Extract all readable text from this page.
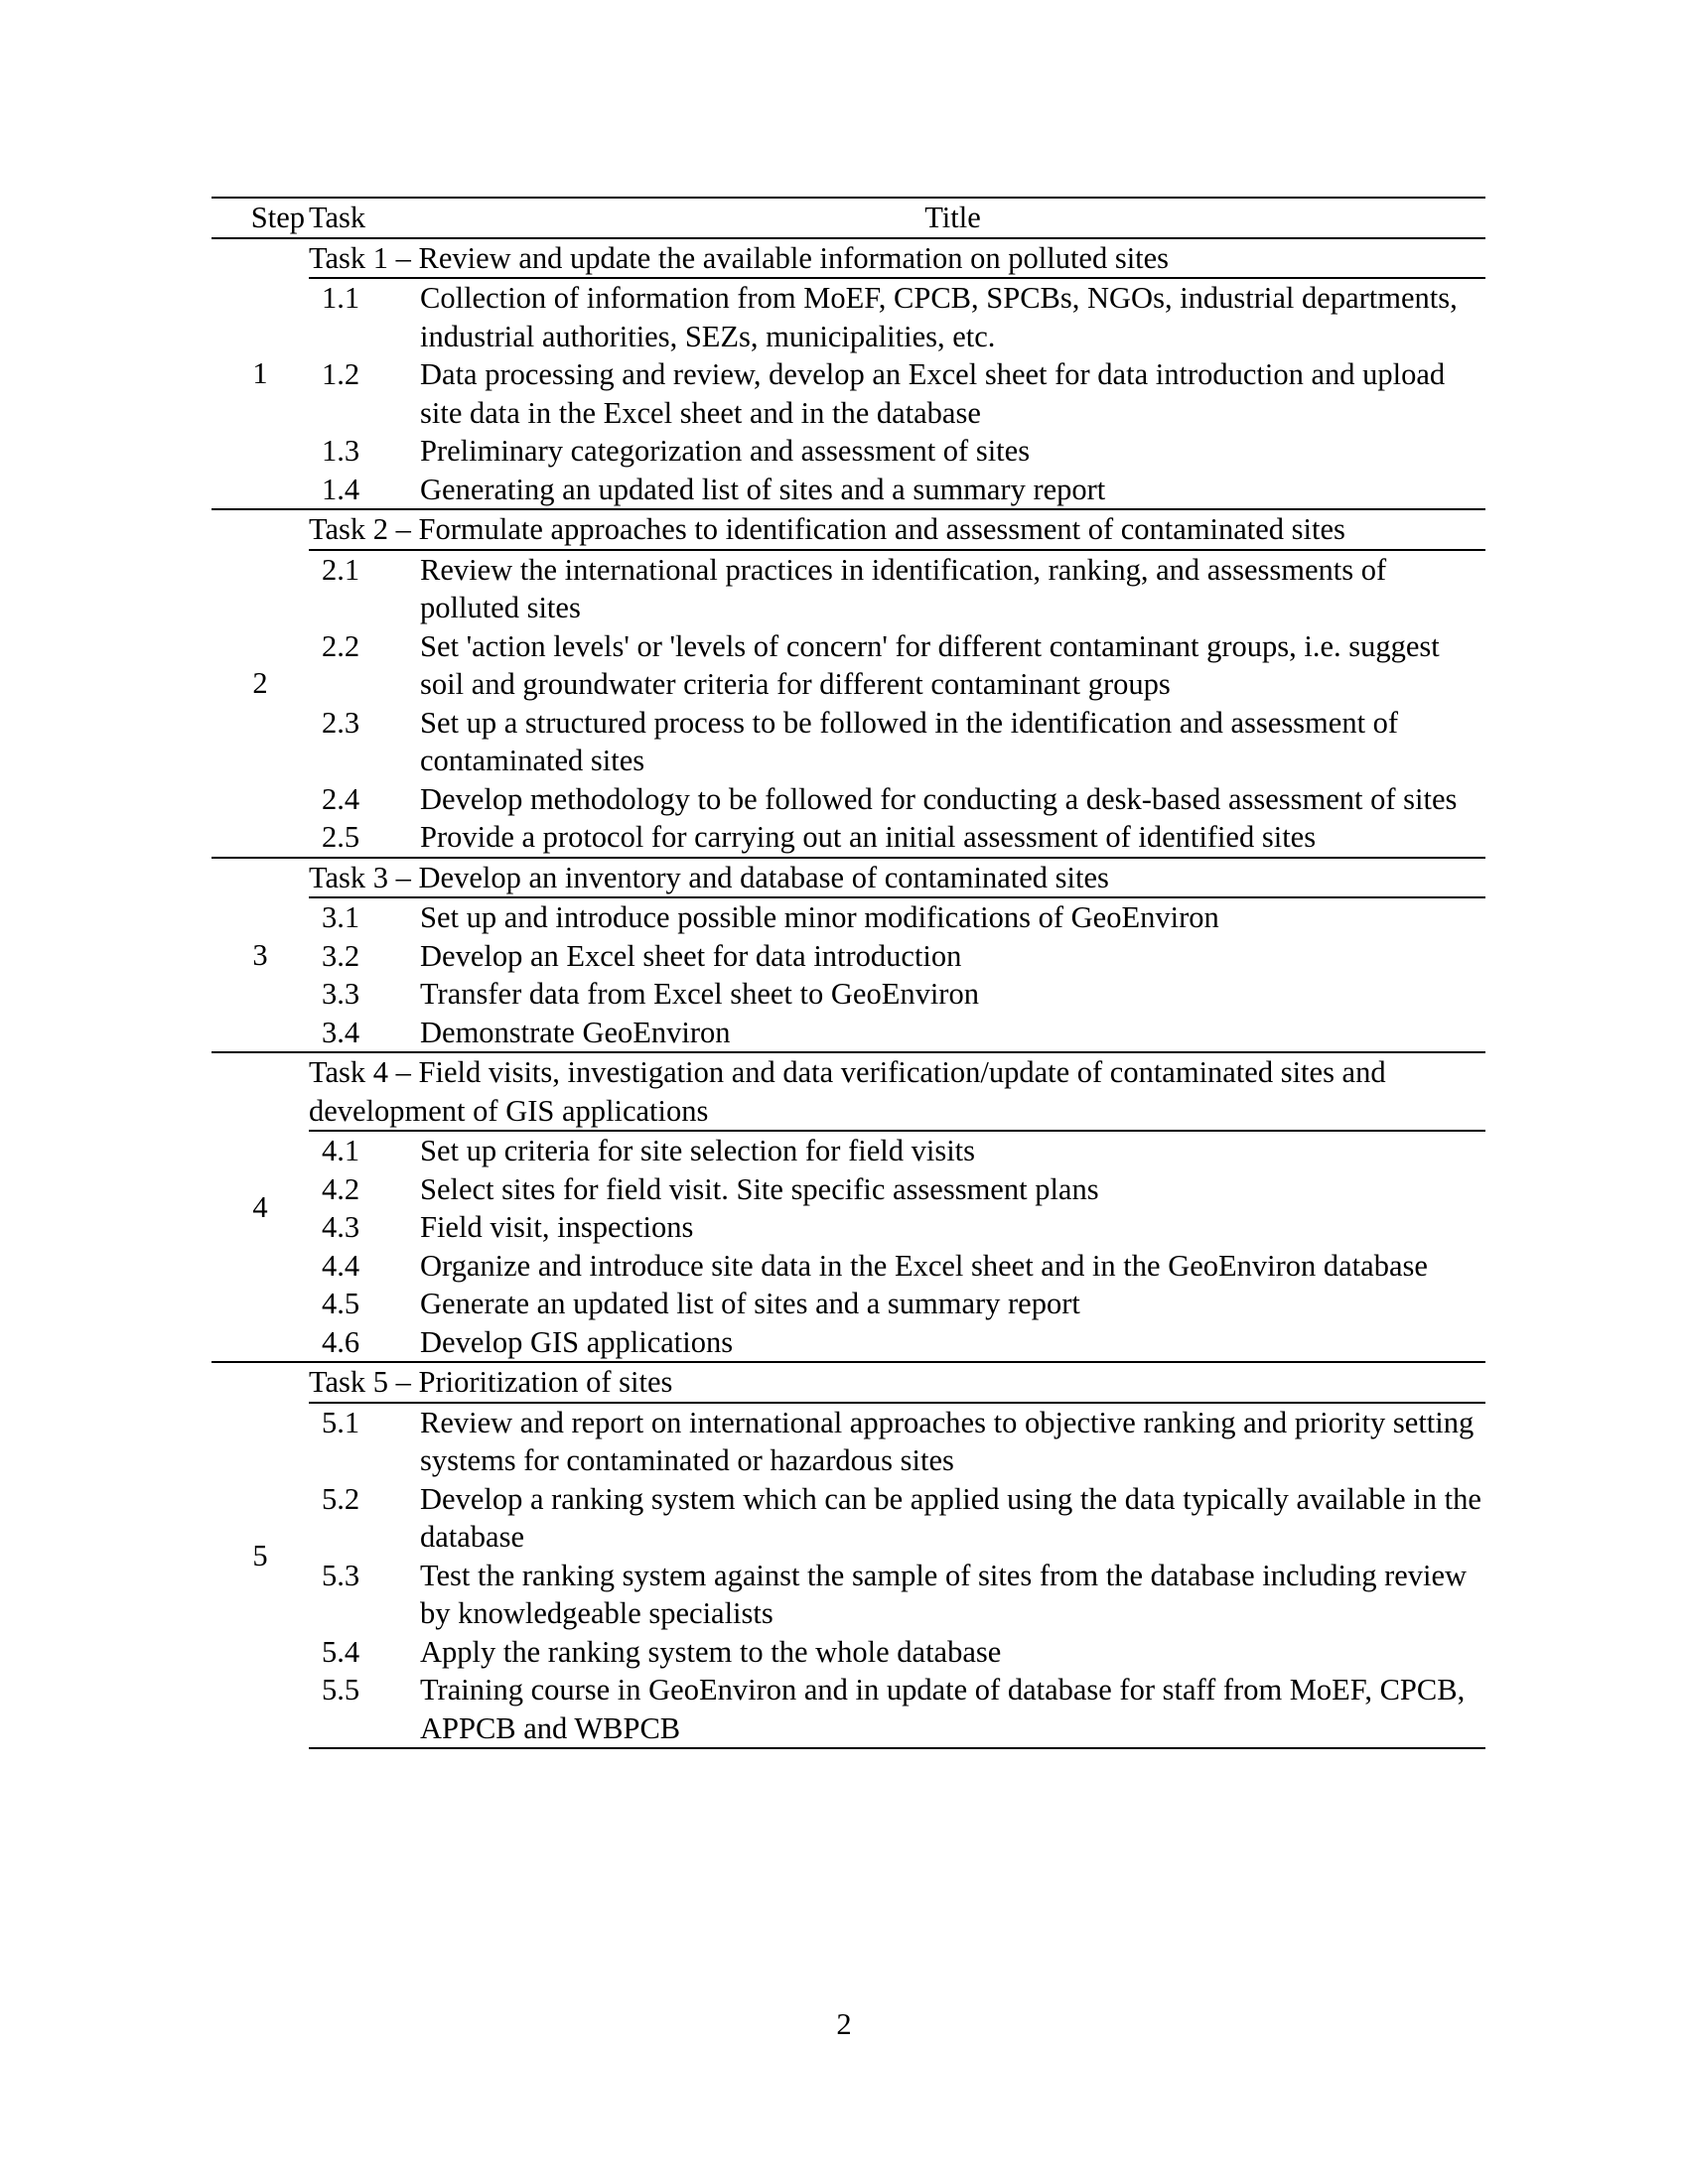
Step	Task	Title
1	Task 1 – Review and update the available information on polluted sites	
	1.1	Collection of information from MoEF, CPCB, SPCBs, NGOs, industrial departments, industrial authorities, SEZs, municipalities, etc.
	1.2	Data processing and review, develop an Excel sheet for data introduction and upload site data in the Excel sheet and in the database
	1.3	Preliminary categorization and assessment of sites
	1.4	Generating an updated list of sites and a summary report
2	Task 2 – Formulate approaches to identification and assessment of contaminated sites	
	2.1	Review the international practices in identification, ranking, and assessments of polluted sites
	2.2	Set 'action levels' or 'levels of concern' for different contaminant groups, i.e. suggest soil and groundwater criteria for different contaminant groups
	2.3	Set up a structured process to be followed in the identification and assessment of contaminated sites
	2.4	Develop methodology to be followed for conducting a desk-based assessment of sites
	2.5	Provide a protocol for carrying out an initial assessment of identified sites
3	Task 3 – Develop an inventory and database of contaminated sites	
	3.1	Set up and introduce possible minor modifications of GeoEnviron
	3.2	Develop an Excel sheet for data introduction
	3.3	Transfer data from Excel sheet to GeoEnviron
	3.4	Demonstrate GeoEnviron
4	Task 4 – Field visits, investigation and data verification/update of contaminated sites and development of GIS applications	
	4.1	Set up criteria for site selection for field visits
	4.2	Select sites for field visit. Site specific assessment plans
	4.3	Field visit, inspections
	4.4	Organize and introduce site data in the Excel sheet and in the GeoEnviron database
	4.5	Generate an updated list of sites and a summary report
	4.6	Develop GIS applications
5	Task 5 – Prioritization of sites	
	5.1	Review and report on international approaches to objective ranking and priority setting systems for contaminated or hazardous sites
	5.2	Develop a ranking system which can be applied using the data typically available in the database
	5.3	Test the ranking system against the sample of sites from the database including review by knowledgeable specialists
	5.4	Apply the ranking system to the whole database
	5.5	Training course in GeoEnviron and in update of database for staff from MoEF, CPCB, APPCB and WBPCB
2
